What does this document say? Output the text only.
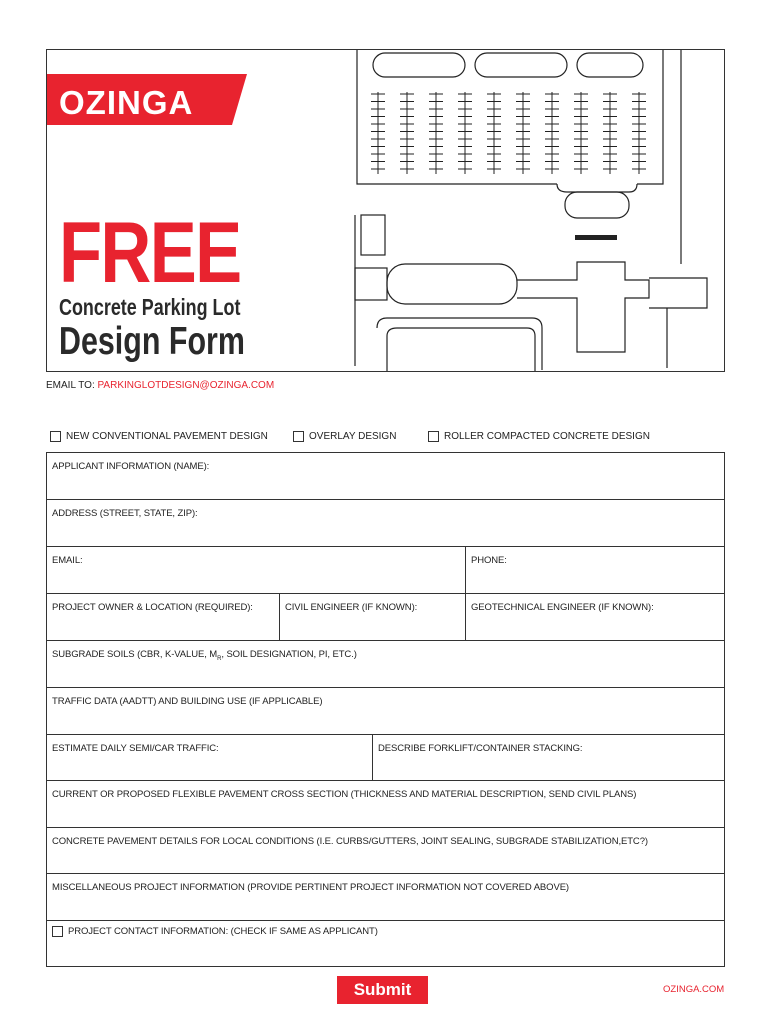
OZINGA
FREE
Concrete Parking Lot
Design Form
EMAIL TO: PARKINGLOTDESIGN@OZINGA.COM
NEW CONVENTIONAL PAVEMENT DESIGN	OVERLAY DESIGN	ROLLER COMPACTED CONCRETE DESIGN
APPLICANT INFORMATION (NAME):
ADDRESS (STREET, STATE, ZIP):
EMAIL:	PHONE:
PROJECT OWNER & LOCATION (REQUIRED):	CIVIL ENGINEER (IF KNOWN):	GEOTECHNICAL ENGINEER (IF KNOWN):
SUBGRADE SOILS (CBR, K-VALUE, $M_R$, SOIL DESIGNATION, PI, ETC.)
TRAFFIC DATA (AADTT) AND BUILDING USE (IF APPLICABLE)
ESTIMATE DAILY SEMI/CAR TRAFFIC:	DESCRIBE FORKLIFT/CONTAINER STACKING:
CURRENT OR PROPOSED FLEXIBLE PAVEMENT CROSS SECTION (THICKNESS AND MATERIAL DESCRIPTION, SEND CIVIL PLANS)
CONCRETE PAVEMENT DETAILS FOR LOCAL CONDITIONS (I.E. CURBS/GUTTERS, JOINT SEALING, SUBGRADE STABILIZATION,ETC?)
MISCELLANEOUS PROJECT INFORMATION (PROVIDE PERTINENT PROJECT INFORMATION NOT COVERED ABOVE)
PROJECT CONTACT INFORMATION: (CHECK IF SAME AS APPLICANT)
Submit	OZINGA.COM
